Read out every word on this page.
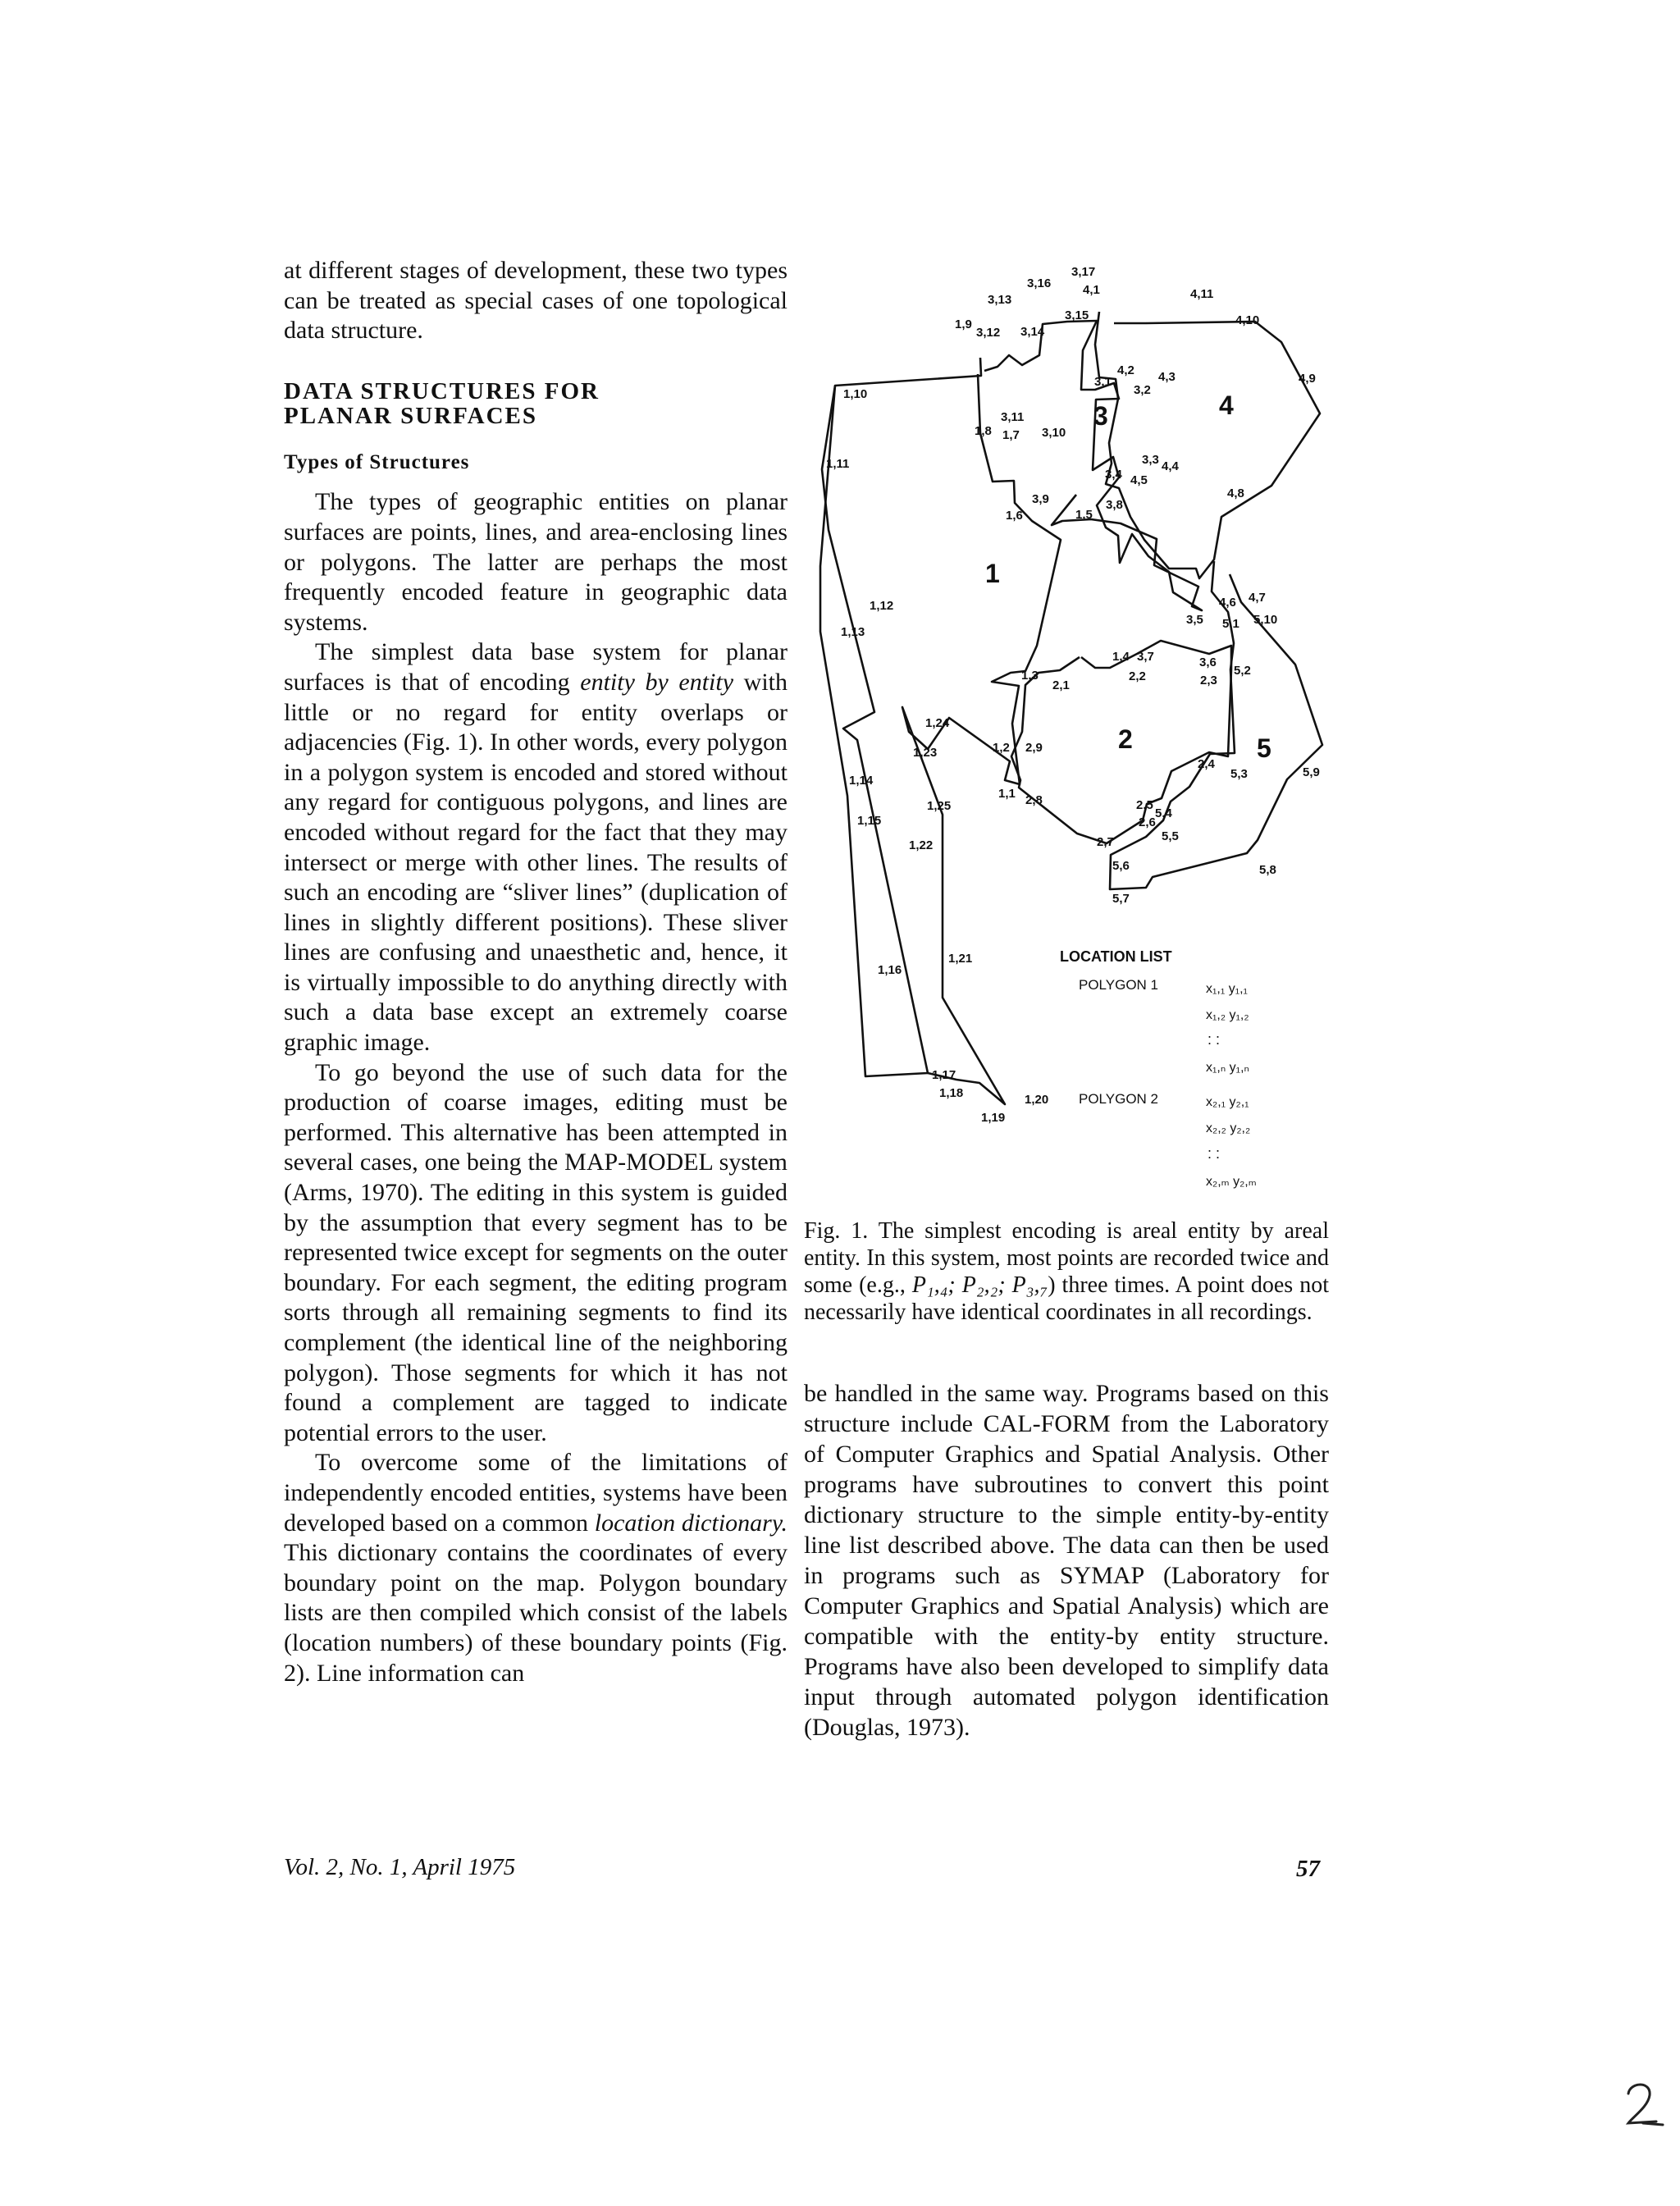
at different stages of development, these two types can be treated as special cases of one topological data structure.

DATA STRUCTURES FOR PLANAR SURFACES
Types of Structures

The types of geographic entities on planar surfaces are points, lines, and area-enclosing lines or polygons. The latter are perhaps the most frequently encoded feature in geographic data systems.

The simplest data base system for planar surfaces is that of encoding entity by entity with little or no regard for entity overlaps or adjacencies (Fig. 1). In other words, every polygon in a polygon system is encoded and stored without any regard for contiguous polygons, and lines are encoded without regard for the fact that they may intersect or merge with other lines. The results of such an encoding are “sliver lines” (duplication of lines in slightly different positions). These sliver lines are confusing and unaesthetic and, hence, it is virtually impossible to do anything directly with such a data base except an extremely coarse graphic image.

To go beyond the use of such data for the production of coarse images, editing must be performed. This alternative has been attempted in several cases, one being the MAP-MODEL system (Arms, 1970). The editing in this system is guided by the assumption that every segment has to be represented twice except for segments on the outer boundary. For each segment, the editing program sorts through all remaining segments to find its complement (the identical line of the neighboring polygon). Those segments for which it has not found a complement are tagged to indicate potential errors to the user.

To overcome some of the limitations of independently encoded entities, systems have been developed based on a common location dictionary. This dictionary contains the coordinates of every boundary point on the map. Polygon boundary lists are then compiled which consist of the labels (location numbers) of these boundary points (Fig. 2). Line information can

1
2
3	4
5
1,9
1,10
1,11
1,12
1,13
1,14
1,15
1,16
1,17
1,18
1,19
1,20
1,21
1,22
1,23
1,24
1,25
1,1
1,2
1,3
1,4
1,5
1,6
1,7
1,8
2,1
2,2	2,3
2,4
2,5
2,6
2,7
2,8
2,9
3,1
3,2
3,3
3,4
3,5
3,6
3,7
3,8
3,9
3,10
3,11
3,12
3,13
3,14
3,15
3,16
3,17
4,1
4,2 4,3
4,4
4,5
4,6 4,7
4,8
4,9
4,10
4,11
5,1
5,2
5,3
5,4
5,5
5,6
5,7
5,8
5,9
5,10
LOCATION LIST
POLYGON 1	x₁,₁ y₁,₁
x₁,₂ y₁,₂
: :
x₁,ₙ y₁,ₙ
POLYGON 2	x₂,₁ y₂,₁
x₂,₂ y₂,₂
: :
x₂,ₘ y₂,ₘ

Fig. 1. The simplest encoding is areal entity by areal entity. In this system, most points are recorded twice and some (e.g., P₁,₄; P₂,₂; P₃,₇) three times. A point does not necessarily have identical coordinates in all recordings.

be handled in the same way. Programs based on this structure include CAL-FORM from the Laboratory of Computer Graphics and Spatial Analysis. Other programs have subroutines to convert this point dictionary structure to the simple entity-by-entity line list described above. The data can then be used in programs such as SYMAP (Laboratory for Computer Graphics and Spatial Analysis) which are compatible with the entity-by entity structure. Programs have also been developed to simplify data input through automated polygon identification (Douglas, 1973).

Vol. 2, No. 1, April 1975	57
